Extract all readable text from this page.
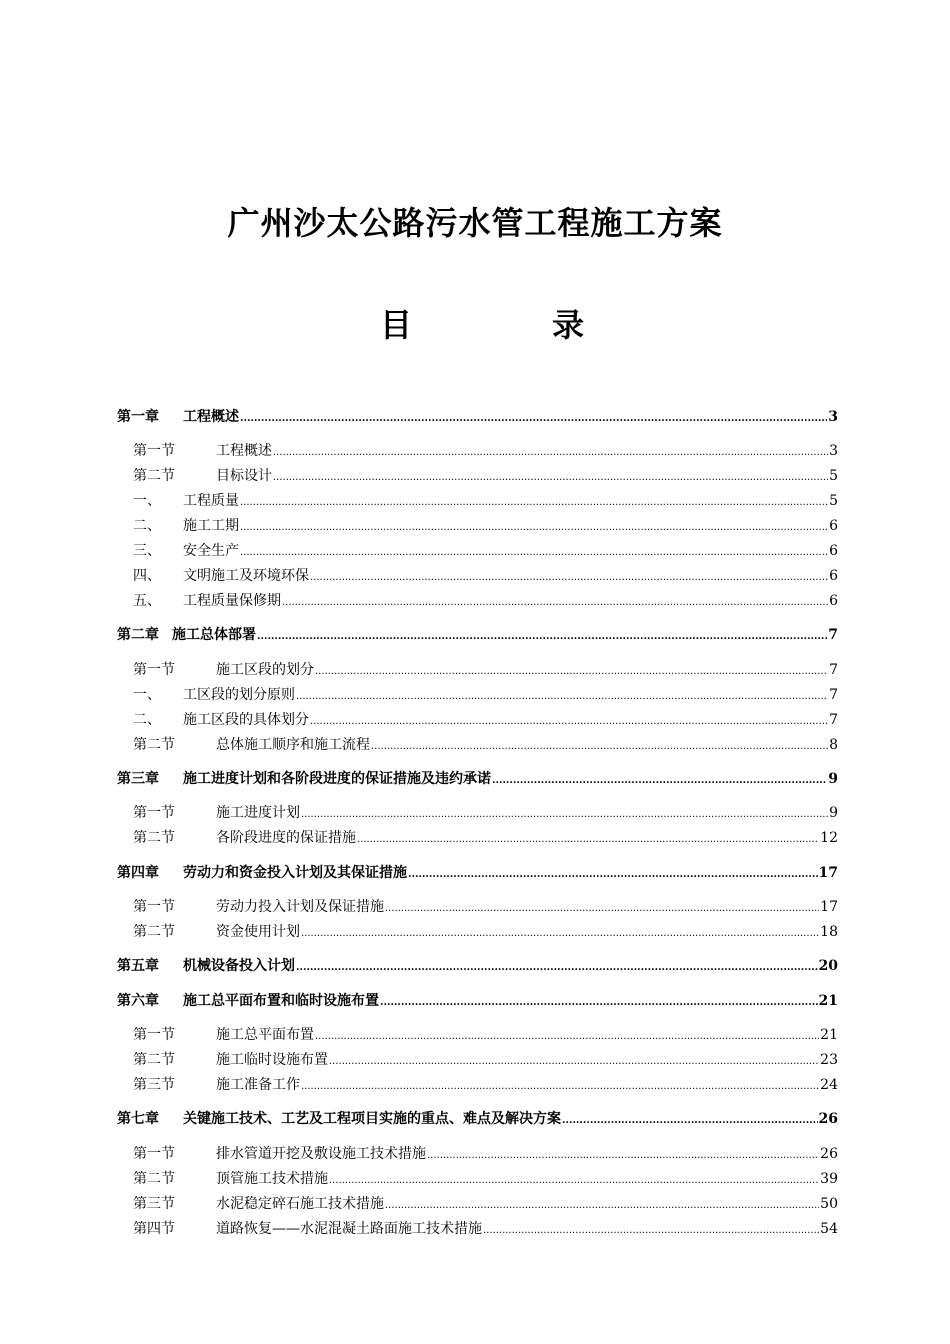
广州沙太公路污水管工程施工方案
目	录
第一章	工程概述 .....	3
第一节	工程概述 .....	3
第二节	目标设计 .....	5
一、	工程质量 .....	5
二、	施工工期 .....	6
三、	安全生产 .....	6
四、	文明施工及环境环保 .....	6
五、	工程质量保修期 .....	6
第二章 施工总体部署 .....	7
第一节	施工区段的划分 .....	7
一、	工区段的划分原则 .....	7
二、	施工区段的具体划分 .....	7
第二节	总体施工顺序和施工流程 .....	8
第三章	施工进度计划和各阶段进度的保证措施及违约承诺 .....	9
第一节	施工进度计划 .....	9
第二节	各阶段进度的保证措施 .....	12
第四章	劳动力和资金投入计划及其保证措施 .....	17
第一节	劳动力投入计划及保证措施 .....	17
第二节	资金使用计划 .....	18
第五章	机械设备投入计划 .....	20
第六章	施工总平面布置和临时设施布置 .....	21
第一节	施工总平面布置 .....	21
第二节	施工临时设施布置 .....	23
第三节	施工准备工作 .....	24
第七章	关键施工技术、工艺及工程项目实施的重点、难点及解决方案 .....	26
第一节	排水管道开挖及敷设施工技术措施 .....	26
第二节	顶管施工技术措施 .....	39
第三节	水泥稳定碎石施工技术措施 .....	50
第四节	道路恢复——水泥混凝土路面施工技术措施 .....	54
